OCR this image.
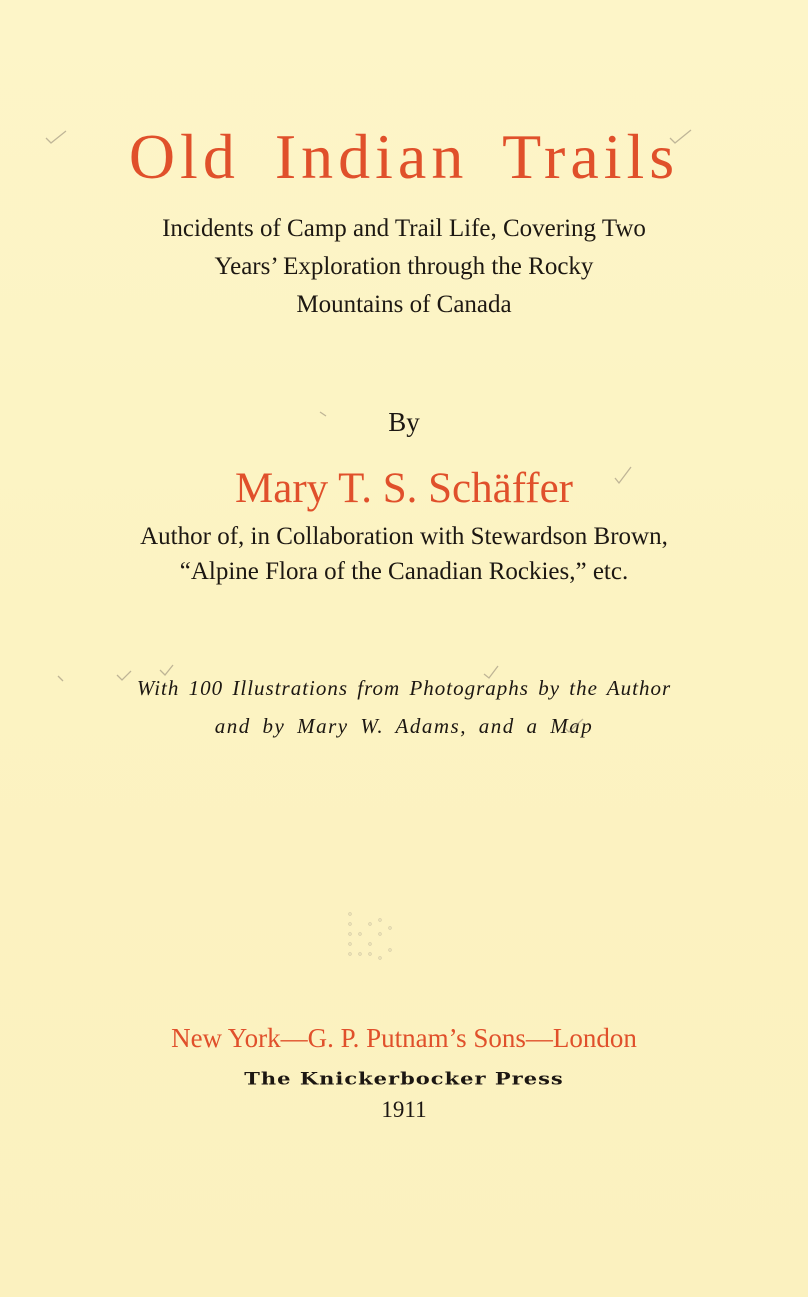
Old Indian Trails
Incidents of Camp and Trail Life, Covering Two
Years’ Exploration through the Rocky
Mountains of Canada
By
Mary T. S. Schäffer
Author of, in Collaboration with Stewardson Brown,
“Alpine Flora of the Canadian Rockies,” etc.
With 100 Illustrations from Photographs by the Author
and by Mary W. Adams, and a Map
New York—G. P. Putnam’s Sons—London
The Knickerbocker Press
1911
